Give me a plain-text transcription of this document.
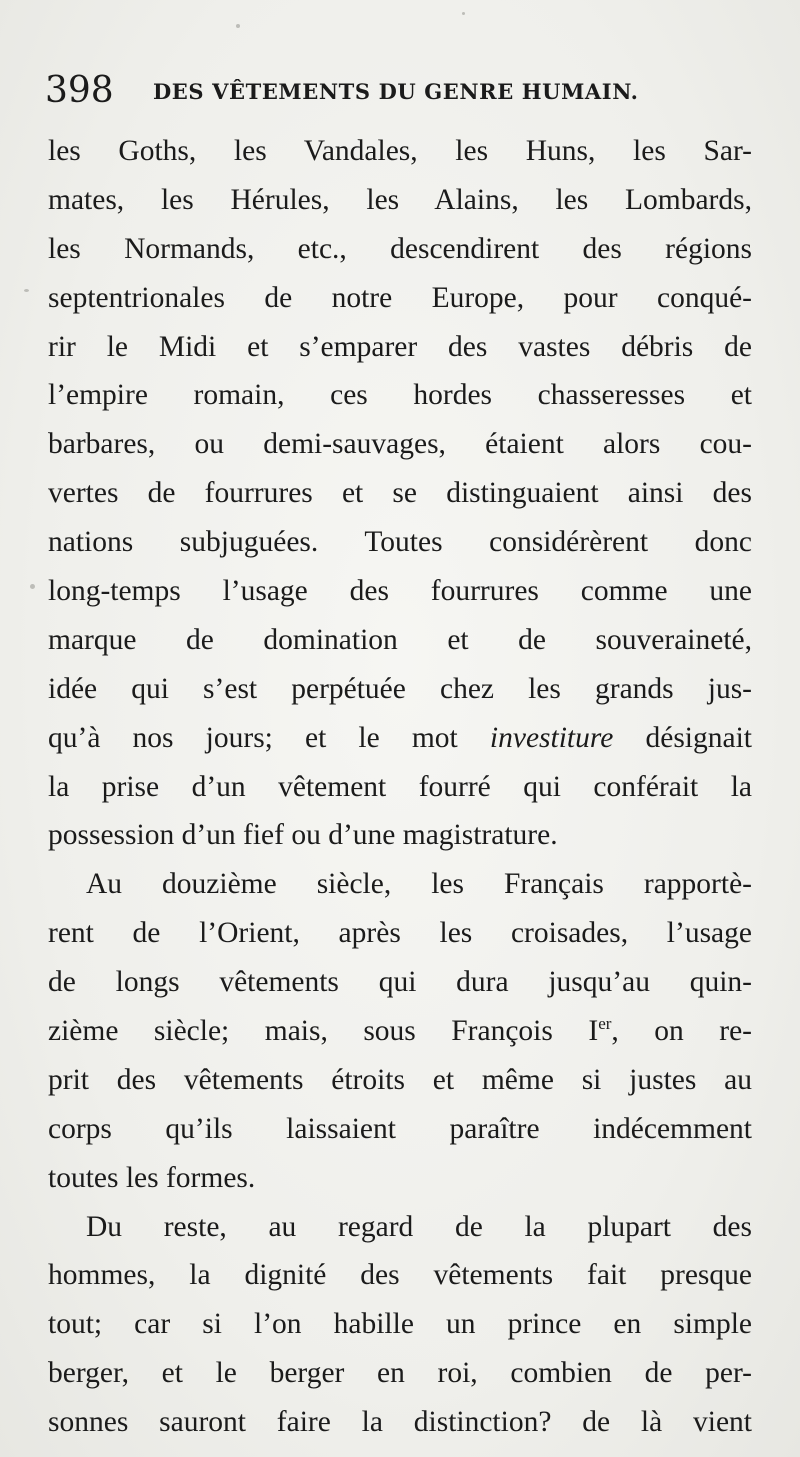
398 DES VÊTEMENTS DU GENRE HUMAIN.
les Goths, les Vandales, les Huns, les Sar-
mates, les Hérules, les Alains, les Lombards,
les Normands, etc., descendirent des régions
septentrionales de notre Europe, pour conqué-
rir le Midi et s’emparer des vastes débris de
l’empire romain, ces hordes chasseresses et
barbares, ou demi-sauvages, étaient alors cou-
vertes de fourrures et se distinguaient ainsi des
nations subjuguées. Toutes considérèrent donc
long-temps l’usage des fourrures comme une
marque de domination et de souveraineté,
idée qui s’est perpétuée chez les grands jus-
qu’à nos jours; et le mot investiture désignait
la prise d’un vêtement fourré qui conférait la
possession d’un fief ou d’une magistrature.
Au douzième siècle, les Français rapportè-
rent de l’Orient, après les croisades, l’usage
de longs vêtements qui dura jusqu’au quin-
zième siècle; mais, sous François Ier, on re-
prit des vêtements étroits et même si justes au
corps qu’ils laissaient paraître indécemment
toutes les formes.
Du reste, au regard de la plupart des
hommes, la dignité des vêtements fait presque
tout; car si l’on habille un prince en simple
berger, et le berger en roi, combien de per-
sonnes sauront faire la distinction? de là vient
